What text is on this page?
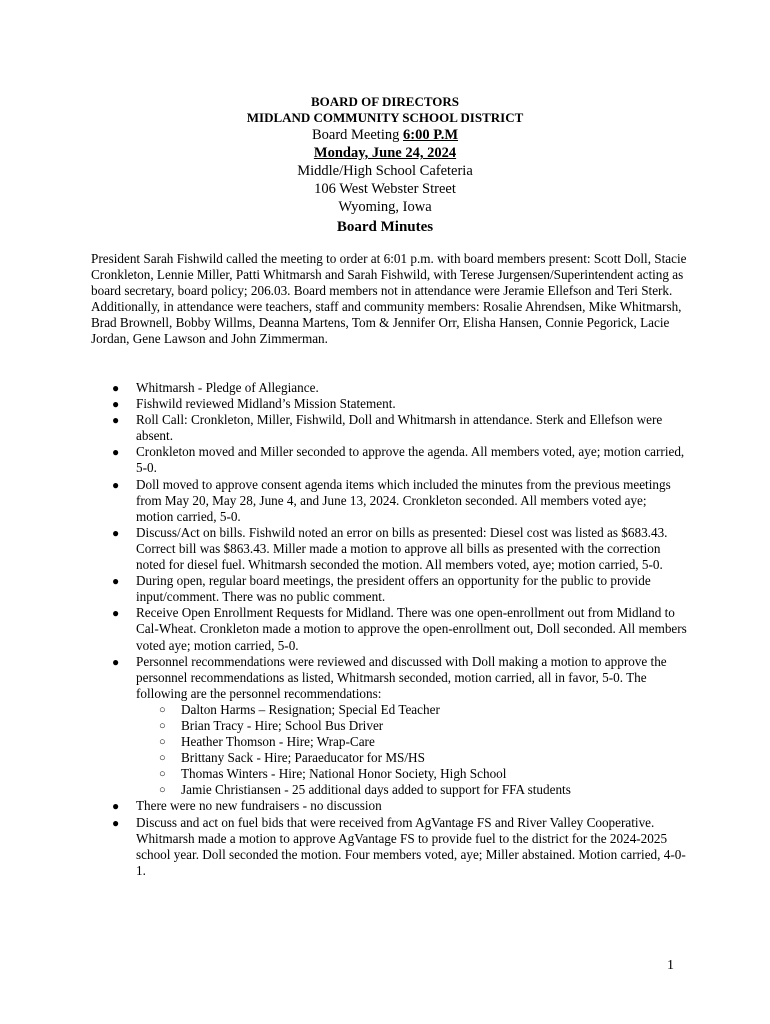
BOARD OF DIRECTORS
MIDLAND COMMUNITY SCHOOL DISTRICT
Board Meeting 6:00 P.M
Monday, June 24, 2024
Middle/High School Cafeteria
106 West Webster Street
Wyoming, Iowa
Board Minutes

President Sarah Fishwild called the meeting to order at 6:01 p.m. with board members present: Scott Doll, Stacie Cronkleton, Lennie Miller, Patti Whitmarsh and Sarah Fishwild, with Terese Jurgensen/Superintendent acting as board secretary, board policy; 206.03. Board members not in attendance were Jeramie Ellefson and Teri Sterk. Additionally, in attendance were teachers, staff and community members: Rosalie Ahrendsen, Mike Whitmarsh, Brad Brownell, Bobby Willms, Deanna Martens, Tom & Jennifer Orr, Elisha Hansen, Connie Pegorick, Lacie Jordan, Gene Lawson and John Zimmerman.

● Whitmarsh - Pledge of Allegiance.
● Fishwild reviewed Midland’s Mission Statement.
● Roll Call: Cronkleton, Miller, Fishwild, Doll and Whitmarsh in attendance. Sterk and Ellefson were absent.
● Cronkleton moved and Miller seconded to approve the agenda. All members voted, aye; motion carried, 5-0.
● Doll moved to approve consent agenda items which included the minutes from the previous meetings from May 20, May 28, June 4, and June 13, 2024. Cronkleton seconded. All members voted aye; motion carried, 5-0.
● Discuss/Act on bills. Fishwild noted an error on bills as presented: Diesel cost was listed as $683.43. Correct bill was $863.43. Miller made a motion to approve all bills as presented with the correction noted for diesel fuel. Whitmarsh seconded the motion. All members voted, aye; motion carried, 5-0.
● During open, regular board meetings, the president offers an opportunity for the public to provide input/comment. There was no public comment.
● Receive Open Enrollment Requests for Midland. There was one open-enrollment out from Midland to Cal-Wheat. Cronkleton made a motion to approve the open-enrollment out, Doll seconded. All members voted aye; motion carried, 5-0.
● Personnel recommendations were reviewed and discussed with Doll making a motion to approve the personnel recommendations as listed, Whitmarsh seconded, motion carried, all in favor, 5-0. The following are the personnel recommendations:
○ Dalton Harms – Resignation; Special Ed Teacher
○ Brian Tracy - Hire; School Bus Driver
○ Heather Thomson - Hire; Wrap-Care
○ Brittany Sack - Hire; Paraeducator for MS/HS
○ Thomas Winters - Hire; National Honor Society, High School
○ Jamie Christiansen - 25 additional days added to support for FFA students
● There were no new fundraisers - no discussion
● Discuss and act on fuel bids that were received from AgVantage FS and River Valley Cooperative. Whitmarsh made a motion to approve AgVantage FS to provide fuel to the district for the 2024-2025 school year. Doll seconded the motion. Four members voted, aye; Miller abstained. Motion carried, 4-0-1.
1
